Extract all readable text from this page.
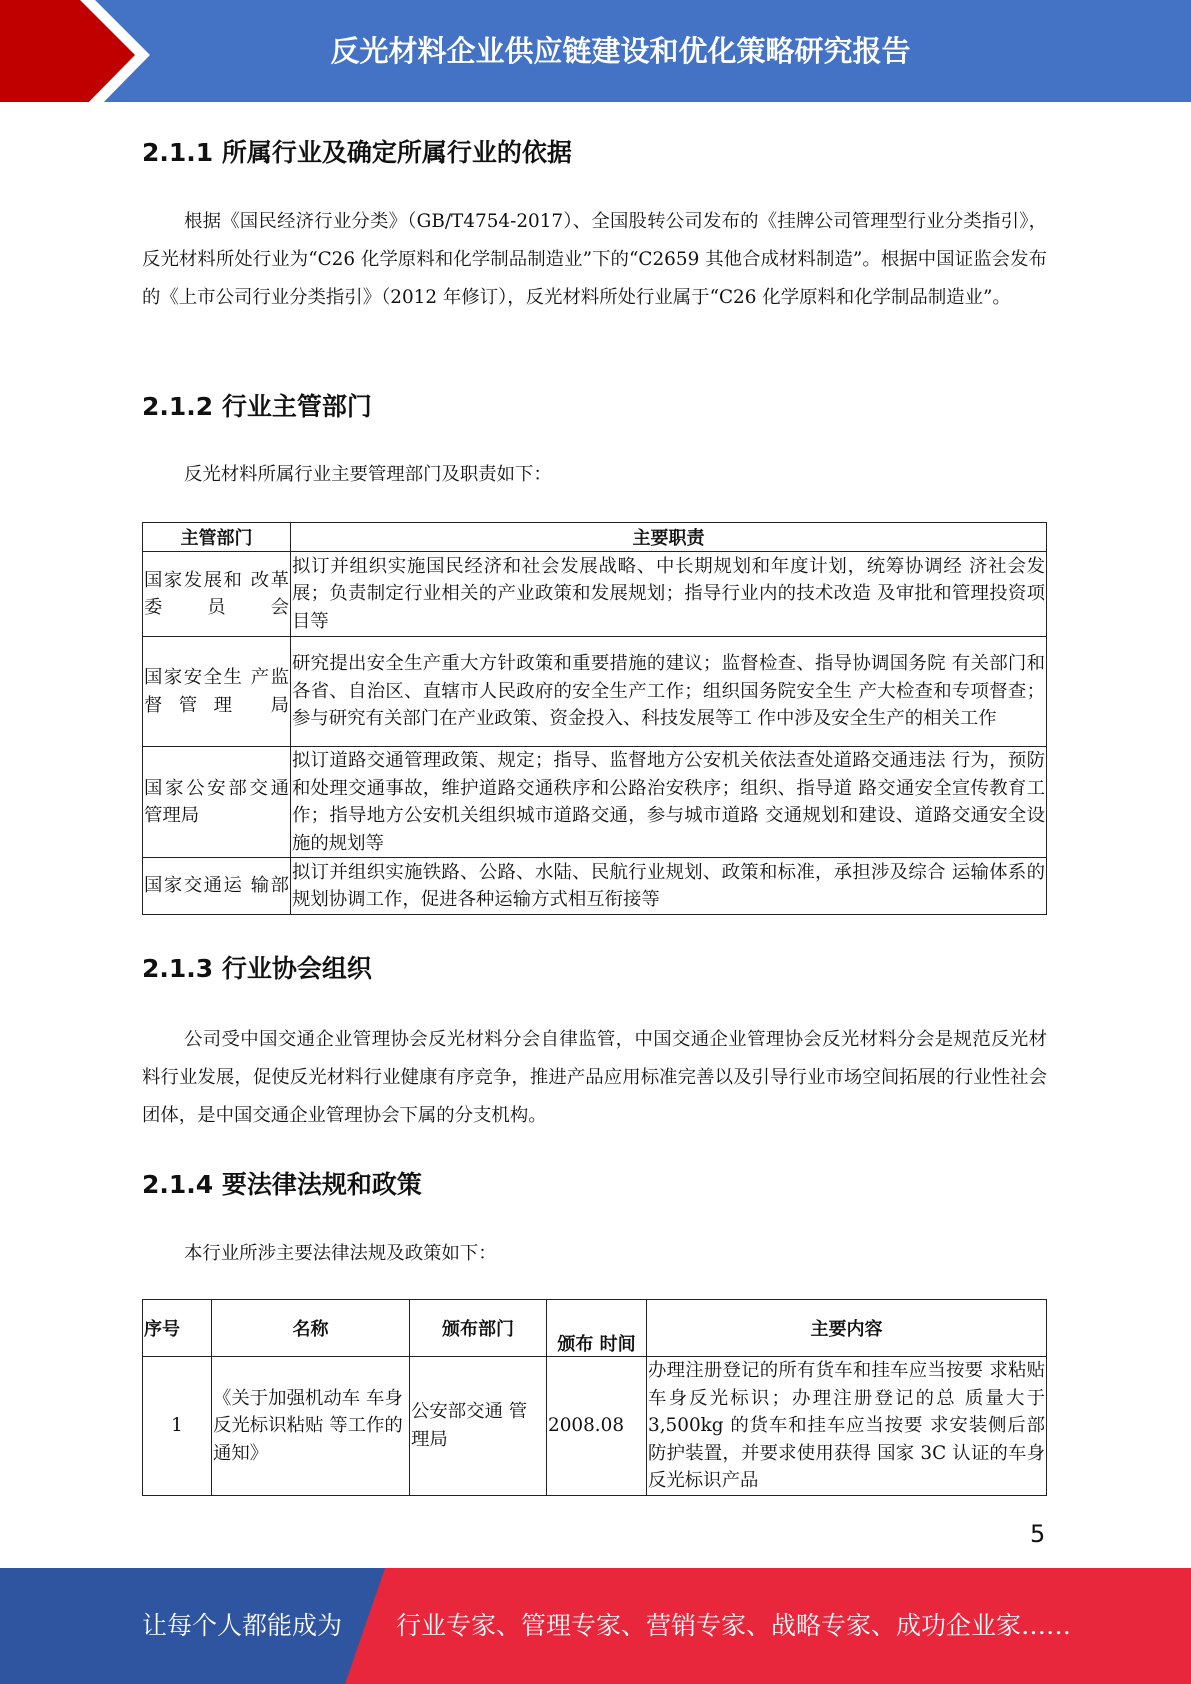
反光材料企业供应链建设和优化策略研究报告
2.1.1 所属行业及确定所属行业的依据

根据《国民经济行业分类》（GB/T4754-2017）、全国股转公司发布的《挂牌公司管理型行业分类指引》，反光材料所处行业为“C26 化学原料和化学制品制造业”下的“C2659 其他合成材料制造”。根据中国证监会发布的《上市公司行业分类指引》（2012 年修订），反光材料所处行业属于“C26 化学原料和化学制品制造业”。

2.1.2 行业主管部门

反光材料所属行业主要管理部门及职责如下：

主管部门	主要职责
国家发展和 改革委员会	拟订并组织实施国民经济和社会发展战略、中长期规划和年度计划，统筹协调经 济社会发展；负责制定行业相关的产业政策和发展规划；指导行业内的技术改造 及审批和管理投资项目等
国家安全生 产监督管理 局	研究提出安全生产重大方针政策和重要措施的建议；监督检查、指导协调国务院 有关部门和各省、自治区、直辖市人民政府的安全生产工作；组织国务院安全生 产大检查和专项督查；参与研究有关部门在产业政策、资金投入、科技发展等工 作中涉及安全生产的相关工作
国家公安部交通管理局	拟订道路交通管理政策、规定；指导、监督地方公安机关依法查处道路交通违法 行为，预防和处理交通事故，维护道路交通秩序和公路治安秩序；组织、指导道 路交通安全宣传教育工作；指导地方公安机关组织城市道路交通，参与城市道路 交通规划和建设、道路交通安全设施的规划等
国家交通运 输部	拟订并组织实施铁路、公路、水陆、民航行业规划、政策和标准，承担涉及综合 运输体系的规划协调工作，促进各种运输方式相互衔接等
2.1.3 行业协会组织

公司受中国交通企业管理协会反光材料分会自律监管，中国交通企业管理协会反光材料分会是规范反光材料行业发展，促使反光材料行业健康有序竞争，推进产品应用标准完善以及引导行业市场空间拓展的行业性社会团体，是中国交通企业管理协会下属的分支机构。

2.1.4 要法律法规和政策

本行业所涉主要法律法规及政策如下：

序号	名称	颁布部门	颁布 时间	主要内容
1	《关于加强机动车 车身反光标识粘贴 等工作的通知》	公安部交通 管理局	2008.08	办理注册登记的所有货车和挂车应当按要 求粘贴车身反光标识；办理注册登记的总 质量大于 3,500kg 的货车和挂车应当按要 求安装侧后部防护装置，并要求使用获得 国家 3C 认证的车身反光标识产品
5
让每个人都能成为 行业专家、管理专家、营销专家、战略专家、成功企业家……
